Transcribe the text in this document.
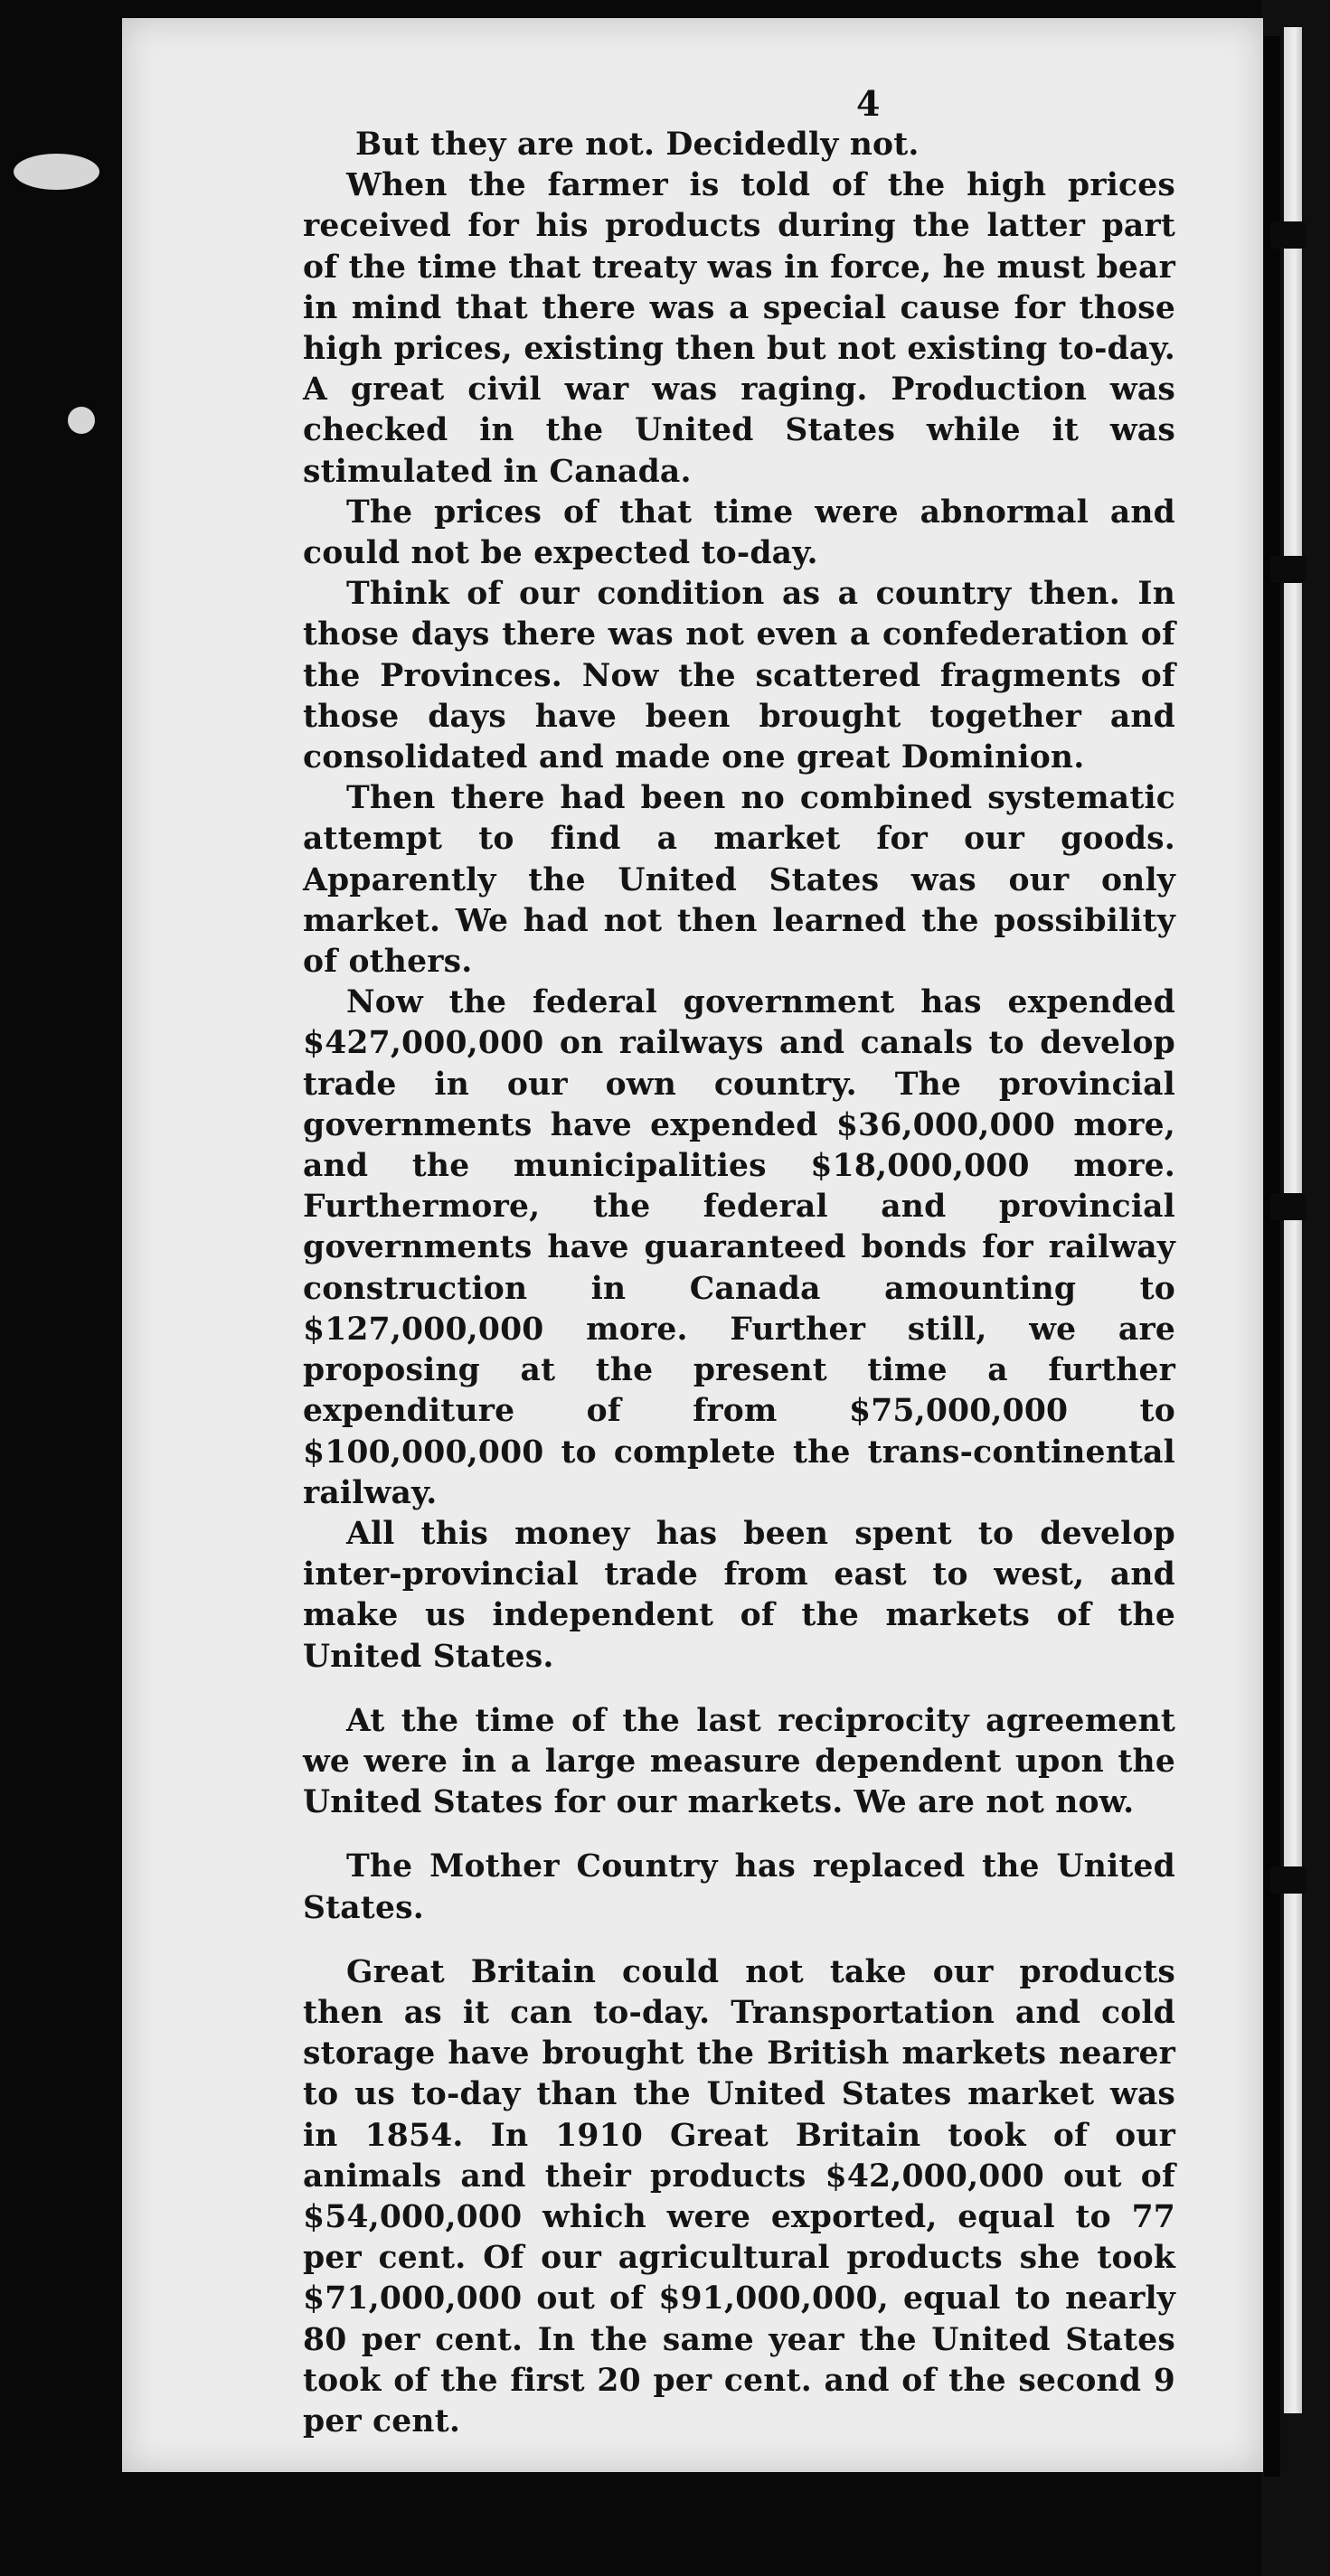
4

But they are not. Decidedly not.

When the farmer is told of the high prices received for his products during the latter part of the time that treaty was in force, he must bear in mind that there was a special cause for those high prices, existing then but not existing to-day. A great civil war was raging. Production was checked in the United States while it was stimulated in Canada.

The prices of that time were abnormal and could not be expected to-day.

Think of our condition as a country then. In those days there was not even a confederation of the Provinces. Now the scattered fragments of those days have been brought together and consolidated and made one great Dominion.

Then there had been no combined systematic attempt to find a market for our goods. Apparently the United States was our only market. We had not then learned the possibility of others.

Now the federal government has expended $427,000,000 on railways and canals to develop trade in our own country. The provincial governments have expended $36,000,000 more, and the municipalities $18,000,000 more. Furthermore, the federal and provincial governments have guaranteed bonds for railway construction in Canada amounting to $127,000,000 more. Further still, we are proposing at the present time a further expenditure of from $75,000,000 to $100,000,000 to complete the trans-continental railway.

All this money has been spent to develop inter-provincial trade from east to west, and make us independent of the markets of the United States.

At the time of the last reciprocity agreement we were in a large measure dependent upon the United States for our markets. We are not now.

The Mother Country has replaced the United States.

Great Britain could not take our products then as it can to-day. Transportation and cold storage have brought the British markets nearer to us to-day than the United States market was in 1854. In 1910 Great Britain took of our animals and their products $42,000,000 out of $54,000,000 which were exported, equal to 77 per cent. Of our agricultural products she took $71,000,000 out of $91,000,000, equal to nearly 80 per cent. In the same year the United States took of the first 20 per cent. and of the second 9 per cent.
